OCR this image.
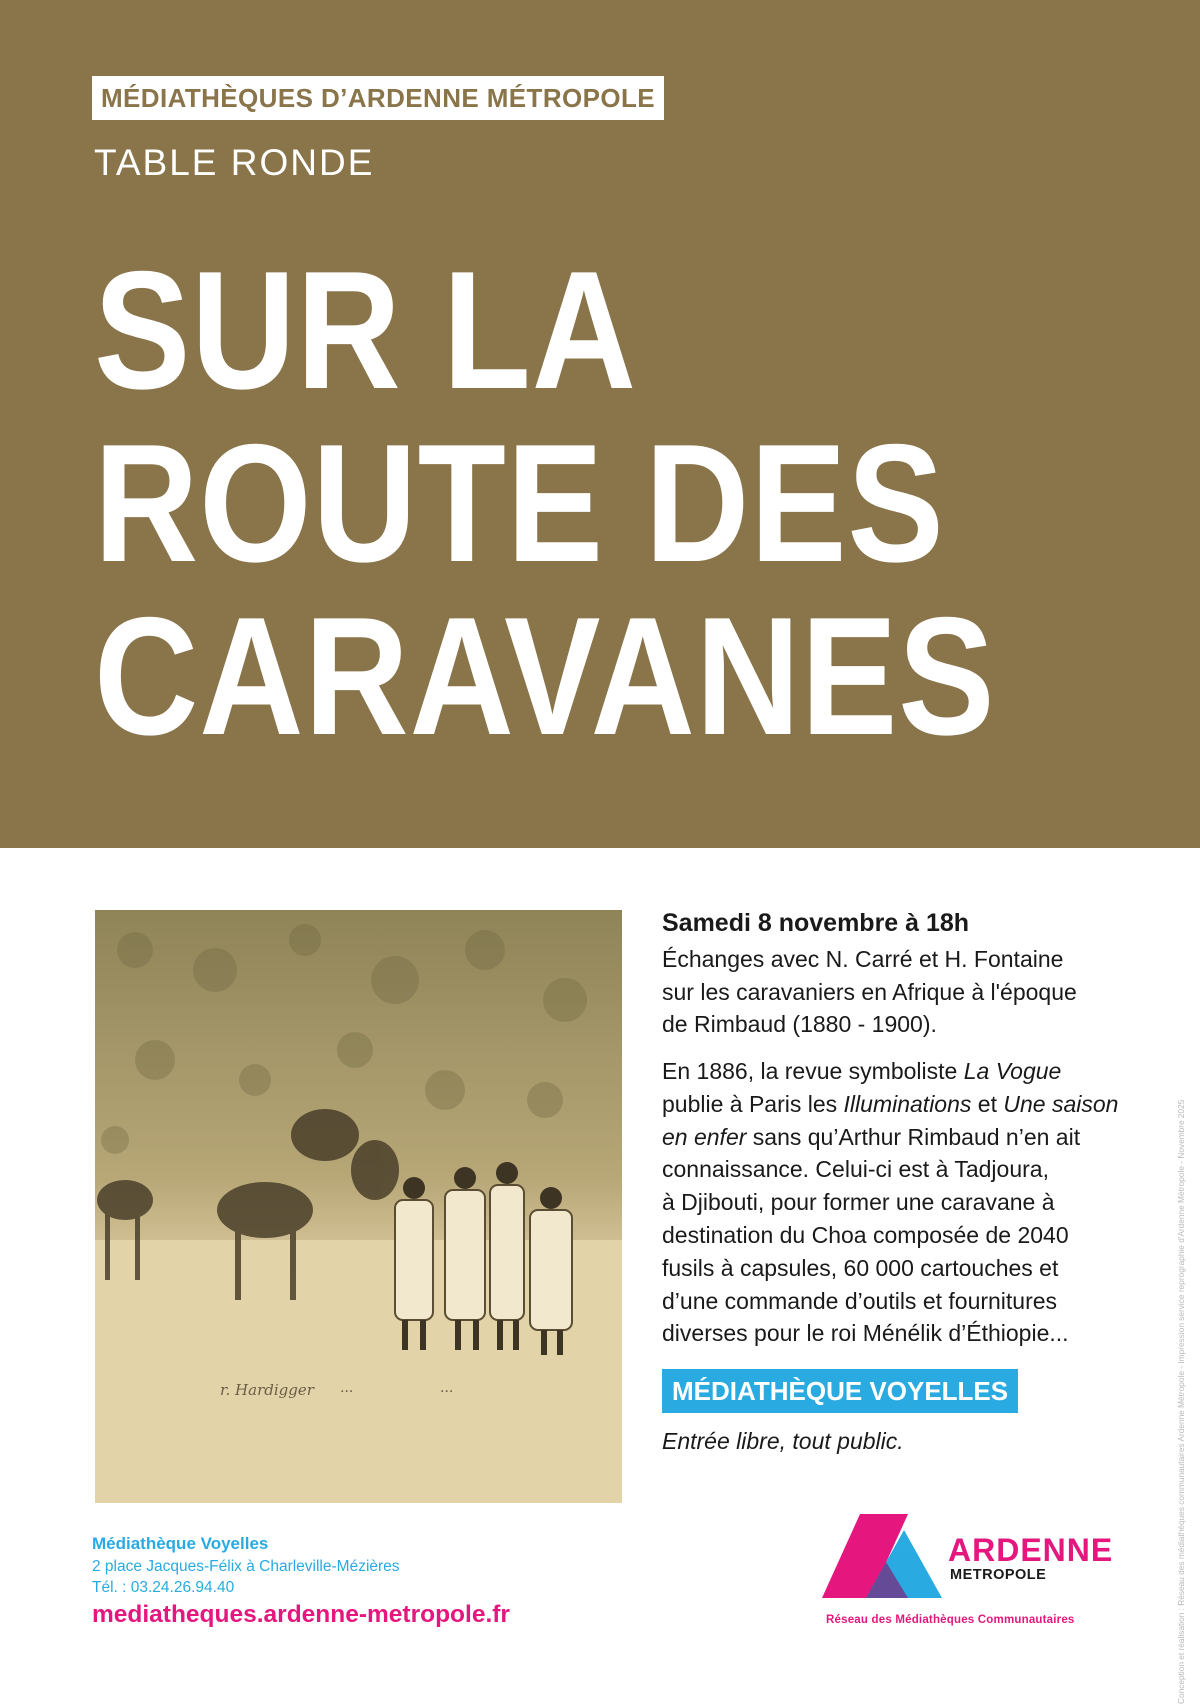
MÉDIATHÈQUES D’ARDENNE MÉTROPOLE
TABLE RONDE
SUR LA
ROUTE DES
CARAVANES
r. Hardigger ...	...
Samedi 8 novembre à 18h

Échanges avec N. Carré et H. Fontaine
sur les caravaniers en Afrique à l'époque
de Rimbaud (1880 - 1900).

En 1886, la revue symboliste La Vogue
publie à Paris les Illuminations et Une saison
en enfer sans qu’Arthur Rimbaud n’en ait
connaissance. Celui-ci est à Tadjoura,
à Djibouti, pour former une caravane à
destination du Choa composée de 2040
fusils à capsules, 60 000 cartouches et
d’une commande d’outils et fournitures
diverses pour le roi Ménélik d’Éthiopie...

MÉDIATHÈQUE VOYELLES
Entrée libre, tout public.
Médiathèque Voyelles
2 place Jacques-Félix à Charleville-Mézières
Tél. : 03.24.26.94.40
mediatheques.ardenne-metropole.fr
ARDENNE
METROPOLE
Réseau des Médiathèques Communautaires	Conception et réalisation : Réseau des médiathèques communautaires Ardenne Métropole - Impression service reprographie d'Ardenne Métropole - Novembre 2025
